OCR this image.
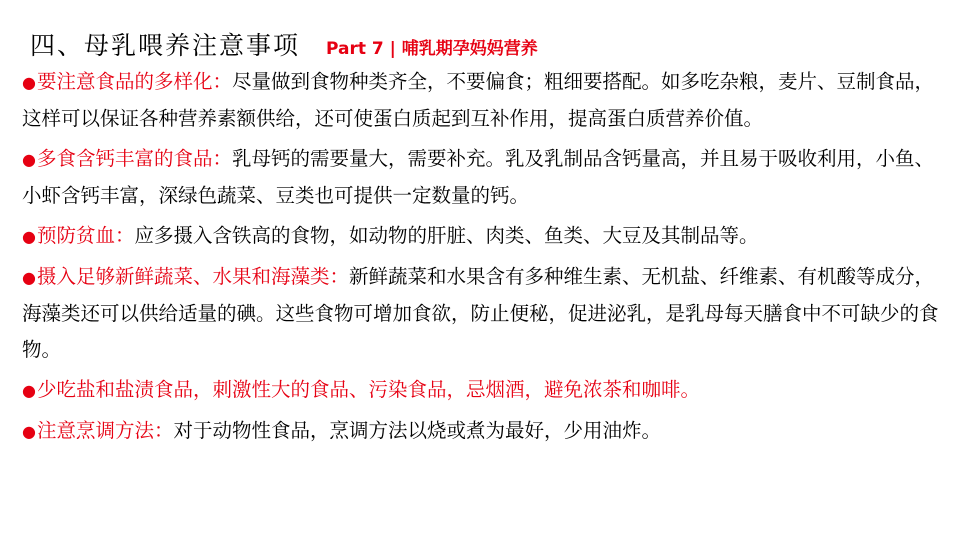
四、母乳喂养注意事项 Part 7 | 哺乳期孕妈妈营养

●要注意食品的多样化：尽量做到食物种类齐全，不要偏食；粗细要搭配。如多吃杂粮，麦片、豆制食品，这样可以保证各种营养素额供给，还可使蛋白质起到互补作用，提高蛋白质营养价值。

●多食含钙丰富的食品：乳母钙的需要量大，需要补充。乳及乳制品含钙量高，并且易于吸收利用，小鱼、小虾含钙丰富，深绿色蔬菜、豆类也可提供一定数量的钙。

●预防贫血：应多摄入含铁高的食物，如动物的肝脏、肉类、鱼类、大豆及其制品等。

●摄入足够新鲜蔬菜、水果和海藻类：新鲜蔬菜和水果含有多种维生素、无机盐、纤维素、有机酸等成分，海藻类还可以供给适量的碘。这些食物可增加食欲，防止便秘，促进泌乳，是乳母每天膳食中不可缺少的食物。

●少吃盐和盐渍食品，刺激性大的食品、污染食品，忌烟酒，避免浓茶和咖啡。

●注意烹调方法：对于动物性食品，烹调方法以烧或煮为最好，少用油炸。
